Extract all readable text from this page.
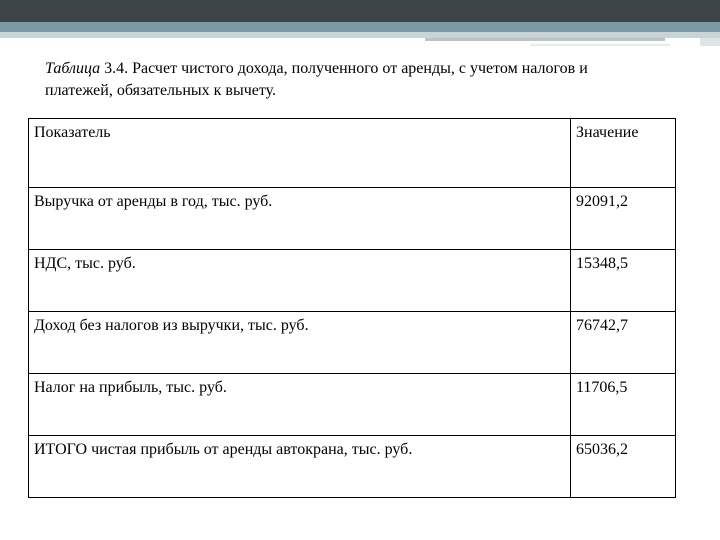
Таблица 3.4. Расчет чистого дохода, полученного от аренды, с учетом налогов и платежей, обязательных к вычету.
Показатель	Значение
Выручка от аренды в год, тыс. руб.	92091,2
НДС, тыс. руб.	15348,5
Доход без налогов из выручки, тыс. руб.	76742,7
Налог на прибыль, тыс. руб.	11706,5
ИТОГО чистая прибыль от аренды автокрана, тыс. руб.	65036,2
